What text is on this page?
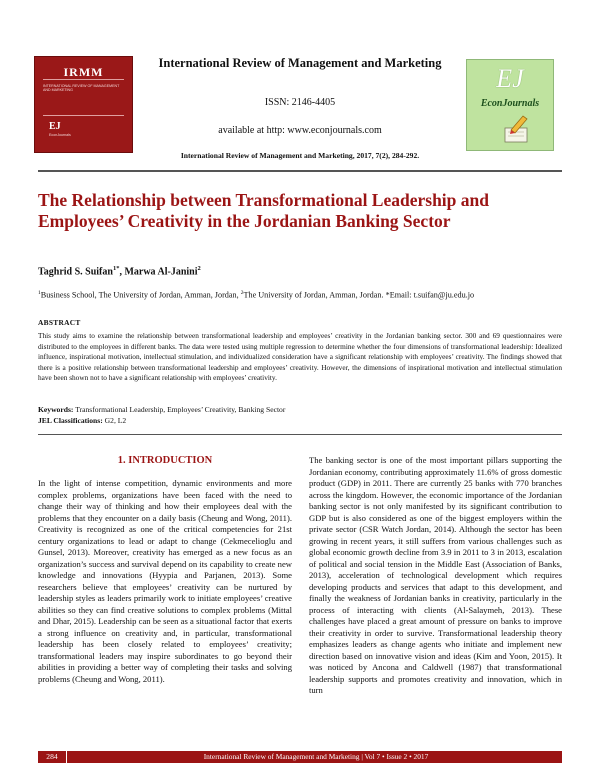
IRMM
INTERNATIONAL REVIEW OF MANAGEMENT AND MARKETING
EJ
EconJournals
EJ
EconJournals
International Review of Management and Marketing
ISSN: 2146-4405
available at http: www.econjournals.com
International Review of Management and Marketing, 2017, 7(2), 284-292.
The Relationship between Transformational Leadership and Employees’ Creativity in the Jordanian Banking Sector
Taghrid S. Suifan$^{1*}$, Marwa Al-Janini$^2$
$^1$Business School, The University of Jordan, Amman, Jordan, $^2$The University of Jordan, Amman, Jordan. *Email: t.suifan@ju.edu.jo
ABSTRACT
This study aims to examine the relationship between transformational leadership and employees’ creativity in the Jordanian banking sector. 300 and 69 questionnaires were distributed to the employees in different banks. The data were tested using multiple regression to determine whether the four dimensions of transformational leadership: Idealized influence, inspirational motivation, intellectual stimulation, and individualized consideration have a significant relationship with employees’ creativity. The findings showed that there is a positive relationship between transformational leadership and employees’ creativity. However, the dimensions of inspirational motivation and intellectual stimulation have been shown not to have a significant relationship with employees’ creativity.
Keywords: Transformational Leadership, Employees’ Creativity, Banking Sector
JEL Classifications: G2, L2
1. INTRODUCTION

In the light of intense competition, dynamic environments and more complex problems, organizations have been faced with the need to change their way of thinking and how their employees deal with the problems that they encounter on a daily basis (Cheung and Wong, 2011). Creativity is recognized as one of the critical competencies for 21st century organizations to lead or adapt to change (Cekmecelioglu and Gunsel, 2013). Moreover, creativity has emerged as a new focus as an organization’s success and survival depend on its capability to create new knowledge and innovations (Hyypia and Parjanen, 2013). Some researchers believe that employees’ creativity can be nurtured by leadership styles as leaders primarily work to initiate employees’ creative abilities so they can find creative solutions to complex problems (Mittal and Dhar, 2015). Leadership can be seen as a situational factor that exerts a strong influence on creativity and, in particular, transformational leadership has been closely related to employees’ creativity; transformational leaders may inspire subordinates to go beyond their abilities in providing a better way of completing their tasks and solving problems (Cheung and Wong, 2011).

The banking sector is one of the most important pillars supporting the Jordanian economy, contributing approximately 11.6% of gross domestic product (GDP) in 2011. There are currently 25 banks with 770 branches across the kingdom. However, the economic importance of the Jordanian banking sector is not only manifested by its significant contribution to GDP but is also considered as one of the biggest employers within the private sector (CSR Watch Jordan, 2014). Although the sector has been growing in recent years, it still suffers from various challenges such as global economic growth decline from 3.9 in 2011 to 3 in 2013, escalation of political and social tension in the Middle East (Association of Banks, 2013), acceleration of technological development which requires developing products and services that adapt to this development, and finally the weakness of Jordanian banks in creativity, particularly in the process of interacting with clients (Al-Salaymeh, 2013). These challenges have placed a great amount of pressure on banks to improve their creativity in order to survive. Transformational leadership theory emphasizes leaders as change agents who initiate and implement new direction based on innovative vision and ideas (Kim and Yoon, 2015). It was noticed by Ancona and Caldwell (1987) that transformational leadership supports and promotes creativity and innovation, which in turn

284	International Review of Management and Marketing | Vol 7 • Issue 2 • 2017
